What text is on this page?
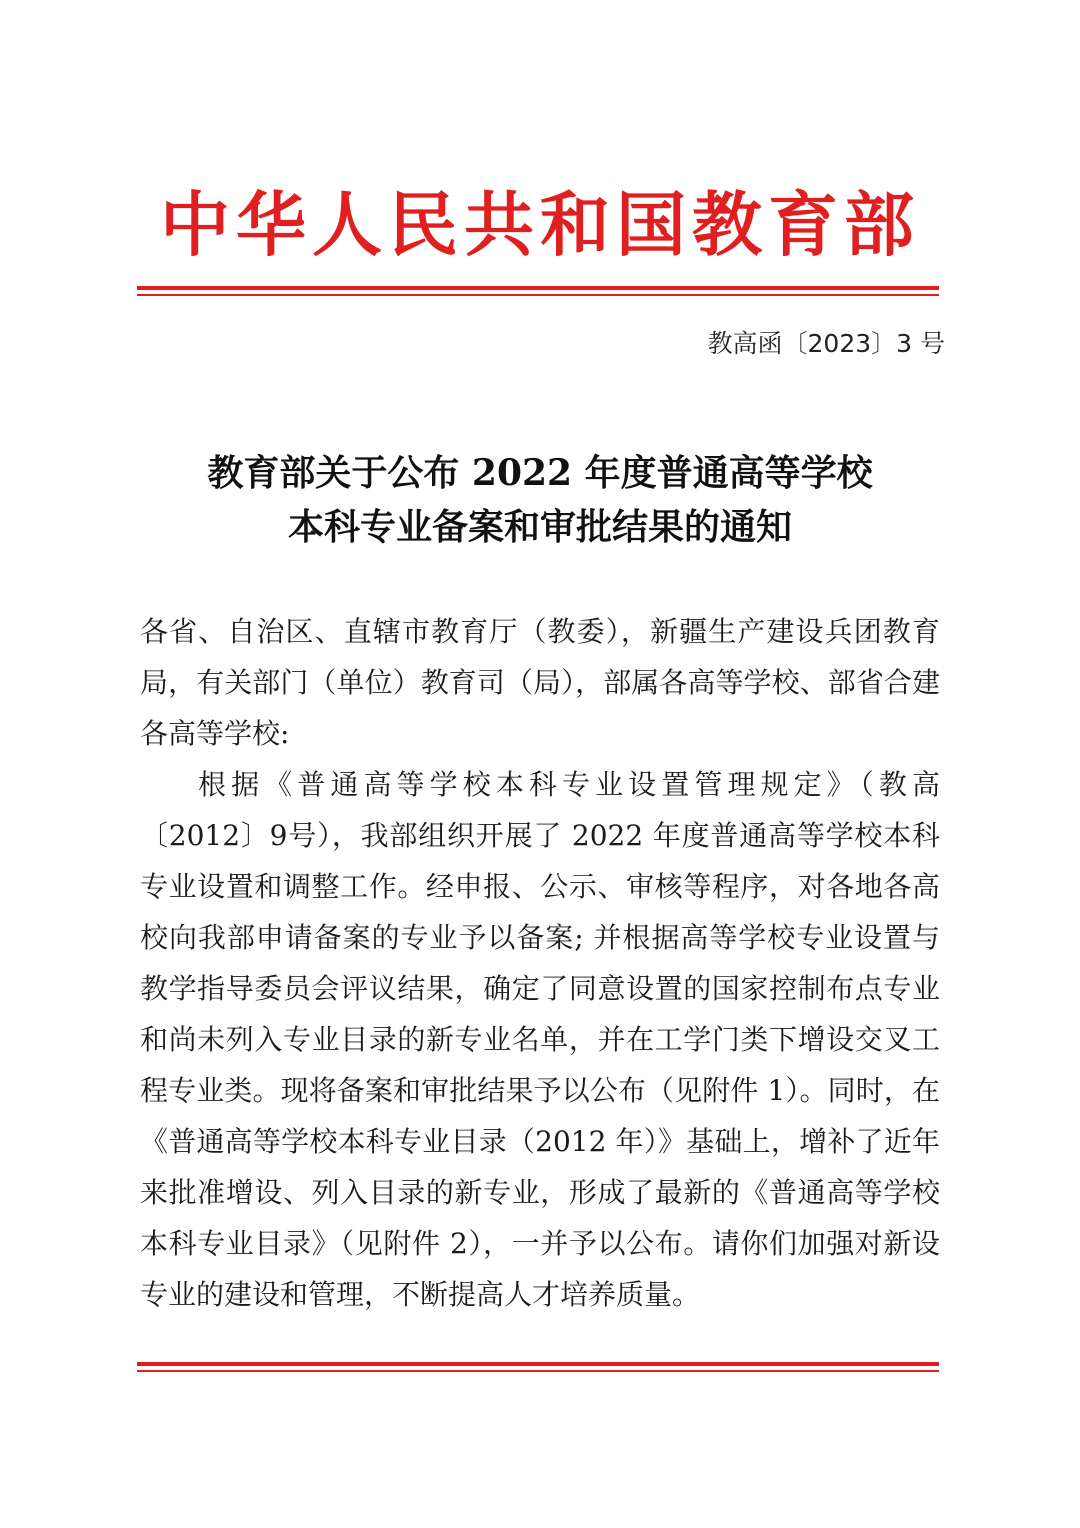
中华人民共和国教育部
教高函〔2023〕3 号
教育部关于公布 2022 年度普通高等学校
本科专业备案和审批结果的通知

各省、自治区、直辖市教育厅（教委），新疆生产建设兵团教育局，有关部门（单位）教育司（局），部属各高等学校、部省合建各高等学校:

根据《普通高等学校本科专业设置管理规定》（教高〔2012〕9号），我部组织开展了 2022 年度普通高等学校本科专业设置和调整工作。经申报、公示、审核等程序，对各地各高校向我部申请备案的专业予以备案; 并根据高等学校专业设置与教学指导委员会评议结果，确定了同意设置的国家控制布点专业和尚未列入专业目录的新专业名单，并在工学门类下增设交叉工程专业类。现将备案和审批结果予以公布（见附件 1）。同时，在《普通高等学校本科专业目录（2012 年）》基础上，增补了近年来批准增设、列入目录的新专业，形成了最新的《普通高等学校本科专业目录》（见附件 2），一并予以公布。请你们加强对新设专业的建设和管理，不断提高人才培养质量。
